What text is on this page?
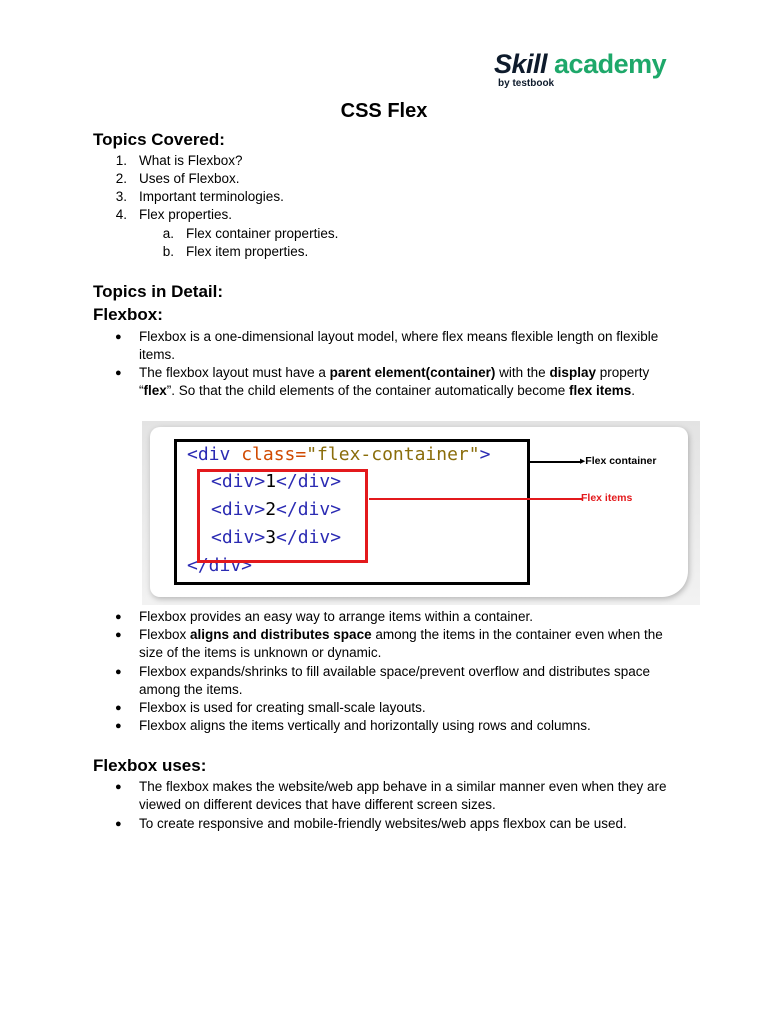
Skill academy
by testbook
CSS Flex
Topics Covered:
1. What is Flexbox?
2. Uses of Flexbox.
3. Important terminologies.
4. Flex properties.
a. Flex container properties.
b. Flex item properties.
Topics in Detail:
Flexbox:
● Flexbox is a one-dimensional layout model, where flex means flexible length on flexible items.
● The flexbox layout must have a parent element(container) with the display property “flex”. So that the child elements of the container automatically become flex items.
<div class="flex-container">
<div>1</div>
<div>2</div>
<div>3</div>
</div>
▸Flex container
Flex items
● Flexbox provides an easy way to arrange items within a container.
● Flexbox aligns and distributes space among the items in the container even when the size of the items is unknown or dynamic.
● Flexbox expands/shrinks to fill available space/prevent overflow and distributes space among the items.
● Flexbox is used for creating small-scale layouts.
● Flexbox aligns the items vertically and horizontally using rows and columns.
Flexbox uses:
● The flexbox makes the website/web app behave in a similar manner even when they are viewed on different devices that have different screen sizes.
● To create responsive and mobile-friendly websites/web apps flexbox can be used.
